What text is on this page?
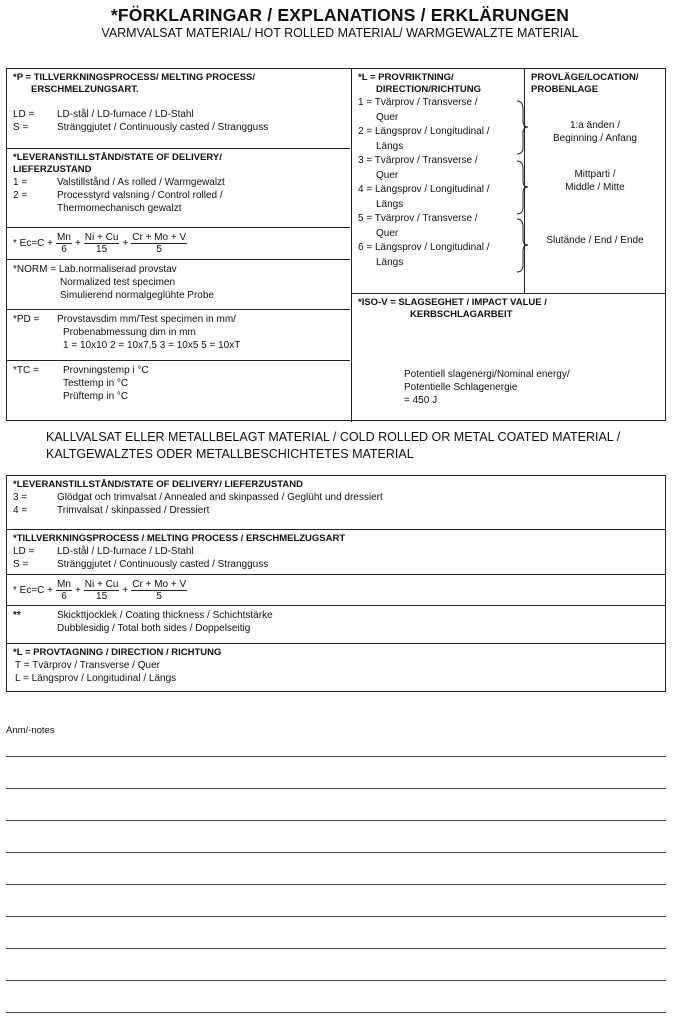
*FÖRKLARINGAR / EXPLANATIONS / ERKLÄRUNGEN
VARMVALSAT MATERIAL/ HOT ROLLED MATERIAL/ WARMGEWALZTE MATERIAL
*P = TILLVERKNINGSPROCESS/ MELTING PROCESS/
ERSCHMELZUNGSART.
LD =	LD-stål / LD-furnace / LD-Stahl
S =	Stränggjutet / Continuously casted / Strangguss
*LEVERANSTILLSTÅND/STATE OF DELIVERY/
LIEFERZUSTAND
1 =	Valstillstånd / As rolled / Warmgewalzt
2 =	Processtyrd valsning / Control rolled /
Thermomechanisch gewalzt
* $Ec=C + \frac{Mn}{6} + \frac{Ni + Cu}{15} + \frac{Cr + Mo + V}{5}$
*NORM = Lab.normaliserad provstav
Normalized test specimen
Simulierend normalgeglühte Probe
*PD =	Provstavsdim mm/Test specimen in mm/
Probenabmessung dim in mm
1 = 10x10 2 = 10x7,5 3 = 10x5 5 = 10xT
*TC =	Provningstemp i °C
Testtemp in °C
Prüftemp in °C
*L = PROVRIKTNING/
DIRECTION/RICHTUNG
1 = Tvärprov / Transverse /
Quer
2 = Längsprov / Longitudinal /
Längs
3 = Tvärprov / Transverse /
Quer
4 = Längsprov / Longitudinal /
Längs
5 = Tvärprov / Transverse /
Quer
6 = Längsprov / Longitudinal /
Längs
PROVLÄGE/LOCATION/
PROBENLAGE
1:a änden /
Beginning / Anfang
Mittparti /
Middle / Mitte
Slutände / End / Ende
*ISO-V = SLAGSEGHET / IMPACT VALUE /
KERBSCHLAGARBEIT
Potentiell slagenergi/Nominal energy/
Potentielle Schlagenergie
= 450 J
KALLVALSAT ELLER METALLBELAGT MATERIAL / COLD ROLLED OR METAL COATED MATERIAL /
KALTGEWALZTES ODER METALLBESCHICHTETES MATERIAL
*LEVERANSTILLSTÅND/STATE OF DELIVERY/ LIEFERZUSTAND
3 =	Glödgat och trimvalsat / Annealed and skinpassed / Geglüht und dressiert
4 =	Trimvalsat / skinpassed / Dressiert
*TILLVERKNINGSPROCESS / MELTING PROCESS / ERSCHMELZUGSART
LD =	LD-stål / LD-furnace / LD-Stahl
S =	Stränggjutet / Continuously casted / Strangguss
* $Ec=C + \frac{Mn}{6} + \frac{Ni + Cu}{15} + \frac{Cr + Mo + V}{5}$
**	Skickttjocklek / Coating thickness / Schichtstärke
Dubblesidig / Total both sides / Doppelseitig
*L = PROVTAGNING / DIRECTION / RICHTUNG
T = Tvärprov / Transverse / Quer
L = Längsprov / Longitudinal / Längs
Anm/-notes
